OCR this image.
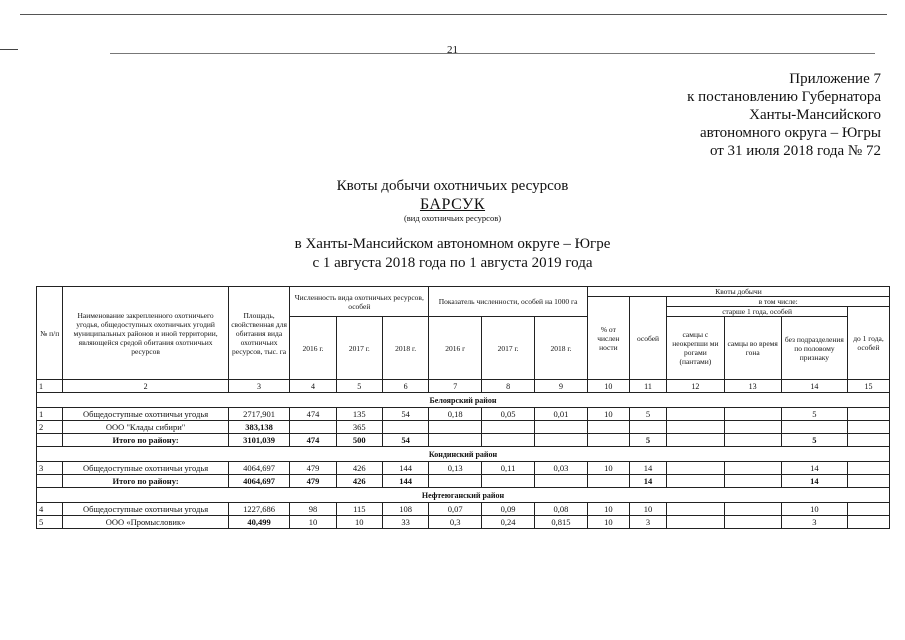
21
Приложение 7
к постановлению Губернатора
Ханты-Мансийского
автономного округа – Югры
от 31 июля 2018 года № 72
Квоты добычи охотничьих ресурсов
БАРСУК
(вид охотничьих ресурсов)
в Ханты-Мансийском автономном округе – Югре
с 1 августа 2018 года по 1 августа 2019 года
№ п/п	Наименование закрепленного охотничьего угодья, общедоступных охотничьих угодий муниципальных районов и иной территории, являющейся средой обитания охотничьих ресурсов	Площадь, свойственная для обитания вида охотничьих ресурсов, тыс. га	Численность вида охотничьих ресурсов, особей			Показатель численности, особей на 1000 га			Квоты добычи					
									% от числен ности	особей	в том числе:			
											старше 1 года, особей			до 1 года, особей
			2016 г.	2017 г.	2018 г.	2016 г	2017 г.	2018 г.			самцы с неокрепши ми рогами (пантами)	самцы во время гона	без подразделения по половому признаку	
1	2	3	4	5	6	7	8	9	10	11	12	13	14	15
Белоярский район														
1	Общедоступные охотничьи угодья	2717,901	474	135	54	0,18	0,05	0,01	10	5			5	
2	ООО "Клады сибири"	383,138		365										
	Итого по району:	3101,039	474	500	54					5			5	
Кондинский район														
3	Общедоступные охотничьи угодья	4064,697	479	426	144	0,13	0,11	0,03	10	14			14	
	Итого по району:	4064,697	479	426	144					14			14	
Нефтеюганский район														
4	Общедоступные охотничьи угодья	1227,686	98	115	108	0,07	0,09	0,08	10	10			10	
5	ООО «Промысловик»	40,499	10	10	33	0,3	0,24	0,815	10	3			3	
